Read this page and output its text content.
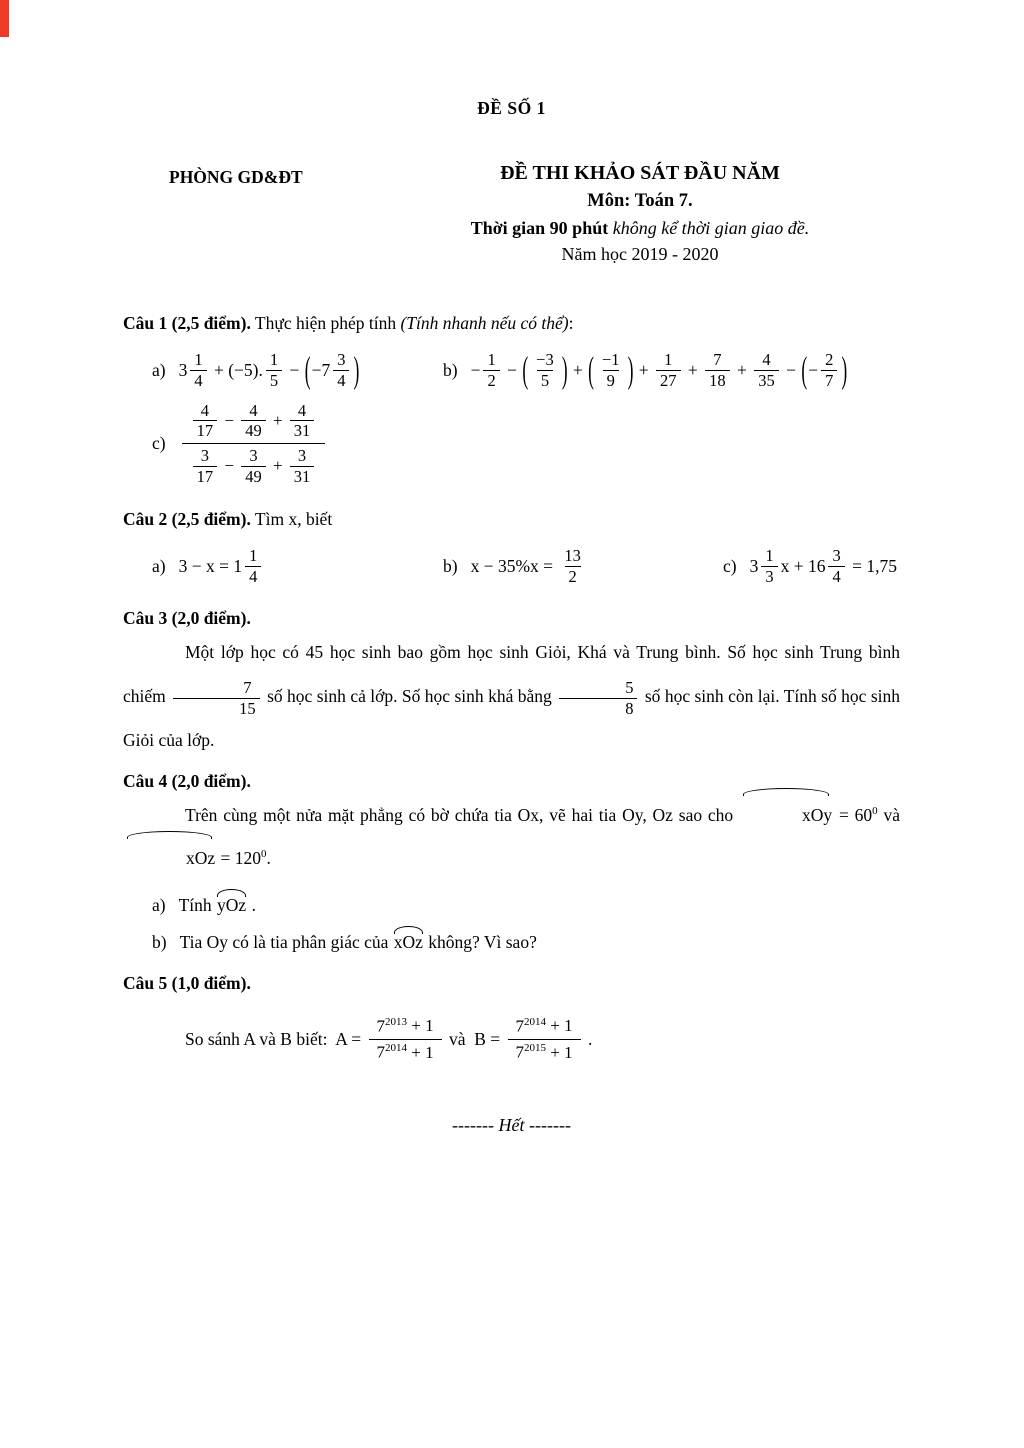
ĐỀ SỐ 1
PHÒNG GD&ĐT	ĐỀ THI KHẢO SÁT ĐẦU NĂM
Môn: Toán 7.
Thời gian 90 phút không kể thời gian giao đề.
Năm học 2019 - 2020

Câu 1 (2,5 điểm). Thực hiện phép tính (Tính nhanh nếu có thể):

a) $3 \frac{1}{4} + (-5)$. $\frac{1}{5}$ − ( $-7 \frac{3}{4}$ )	$b) - \frac{1}{2}$ − ( $\frac{-3}{5}$ ) + ( $\frac{-1}{9}$ ) + $\frac{1}{27} + \frac{7}{18} + \frac{4}{35}$ − ( − $\frac{2}{7}$ )
$c) \frac{\frac{4}{17} - \frac{4}{49} + \frac{4}{31}}{\frac{3}{17} - \frac{3}{49} + \frac{3}{31}}$

Câu 2 (2,5 điểm). Tìm x, biết

a) $3 - x = 1 \frac{1}{4}$	b) $x - 35\%x = \frac{13}{2}$	c) $3 \frac{1}{3}$ $x + 16 \frac{3}{4} = 1,75$

Câu 3 (2,0 điểm).

Một lớp học có 45 học sinh bao gồm học sinh Giỏi, Khá và Trung bình. Số học sinh Trung bình chiếm $\frac{7}{15}$ số học sinh cả lớp. Số học sinh khá bằng $\frac{5}{8}$ số học sinh còn lại. Tính số học sinh Giỏi của lớp.

Câu 4 (2,0 điểm).

Trên cùng một nửa mặt phẳng có bờ chứa tia Ox, vẽ hai tia Oy, Oz sao cho	xOy = $60^0$ và xOz = $120^0$.
a) Tính yOz .
b) Tia Oy có là tia phân giác của xOz không? Vì sao?

Câu 5 (1,0 điểm).

So sánh A và B biết:  $A = \frac{7^{2013} + 1}{7^{2014} + 1}$ và  $B = \frac{7^{2014} + 1}{7^{2015} + 1}$ .
------- Hết -------
